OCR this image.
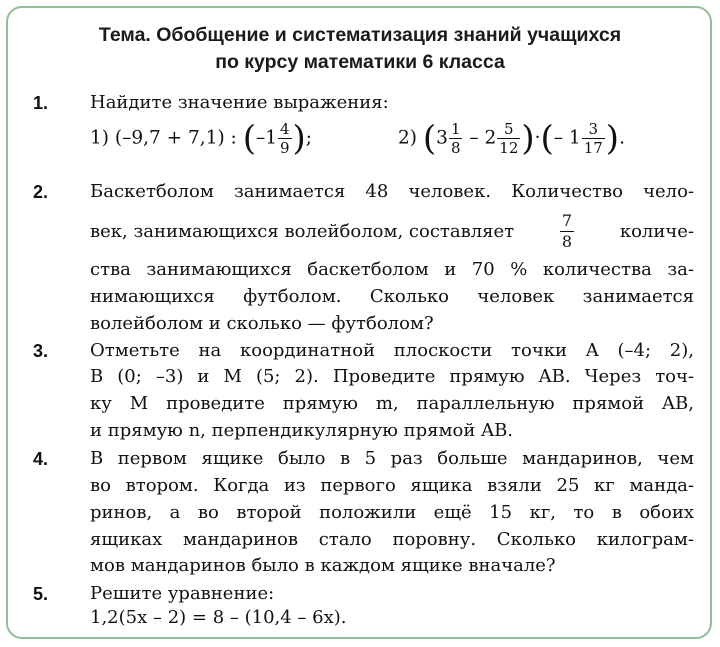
Тема. Обобщение и систематизация знаний учащихся
по курсу математики 6 класса
1. Найдите значение выражения:
1) (–9,7 + 7,1) : ($-1 \frac{4}{9}$ );	2) ($3 \frac{1}{8} - 2 \frac{5}{12}$ )·(– $1 \frac{3}{17}$ ).
2. Баскетболом занимается 48 человек. Количество чело-
век, занимающихся волейболом, составляет	$\frac{7}{8}$	количе-
ства занимающихся баскетболом и 70 % количества за-
нимающихся футболом. Сколько человек занимается
волейболом и сколько — футболом?
3. Отметьте на координатной плоскости точки A (–4; 2),
B (0; –3) и M (5; 2). Проведите прямую AB. Через точ-
ку M проведите прямую m, параллельную прямой AB,
и прямую n, перпендикулярную прямой AB.
4. В первом ящике было в 5 раз больше мандаринов, чем
во втором. Когда из первого ящика взяли 25 кг манда-
ринов, а во второй положили ещё 15 кг, то в обоих
ящиках мандаринов стало поровну. Сколько килограм-
мов мандаринов было в каждом ящике вначале?
5. Решите уравнение:
1,2(5x – 2) = 8 – (10,4 – 6x).
